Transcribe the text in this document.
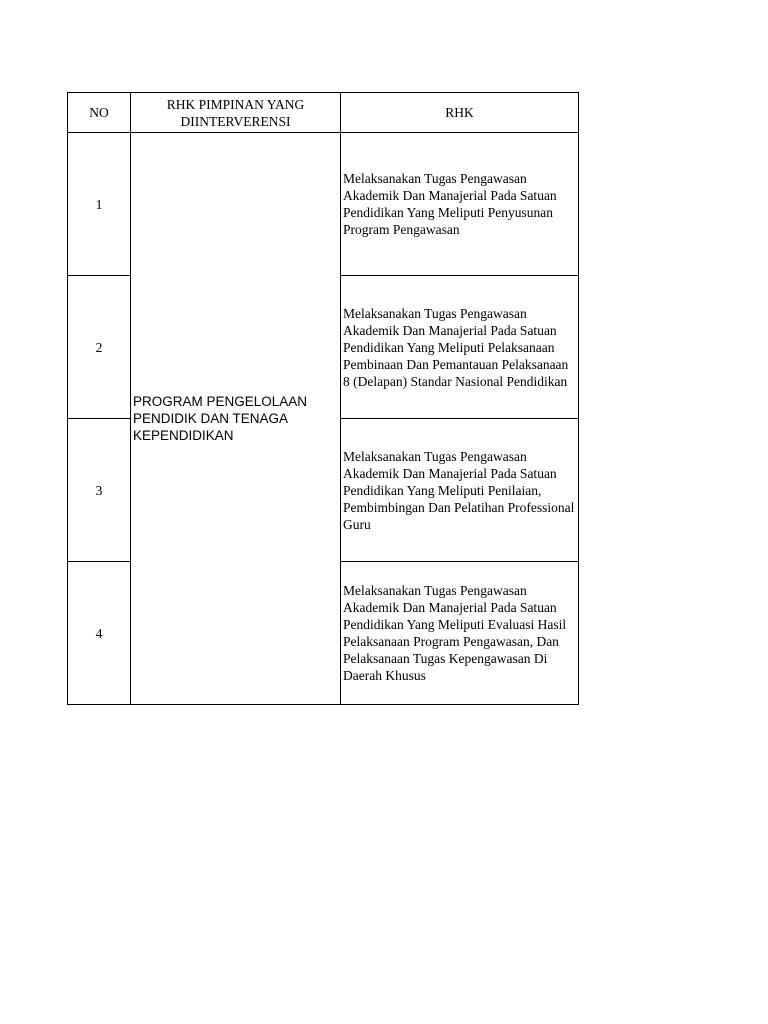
NO	RHK PIMPINAN YANG DIINTERVERENSI	RHK
1	PROGRAM PENGELOLAAN PENDIDIK DAN TENAGA KEPENDIDIKAN	Melaksanakan Tugas Pengawasan Akademik Dan Manajerial Pada Satuan Pendidikan Yang Meliputi Penyusunan Program Pengawasan
2		Melaksanakan Tugas Pengawasan Akademik Dan Manajerial Pada Satuan Pendidikan Yang Meliputi Pelaksanaan Pembinaan Dan Pemantauan Pelaksanaan 8 (Delapan) Standar Nasional Pendidikan
3		Melaksanakan Tugas Pengawasan Akademik Dan Manajerial Pada Satuan Pendidikan Yang Meliputi Penilaian, Pembimbingan Dan Pelatihan Professional Guru
4		Melaksanakan Tugas Pengawasan Akademik Dan Manajerial Pada Satuan Pendidikan Yang Meliputi Evaluasi Hasil Pelaksanaan Program Pengawasan, Dan Pelaksanaan Tugas Kepengawasan Di Daerah Khusus
